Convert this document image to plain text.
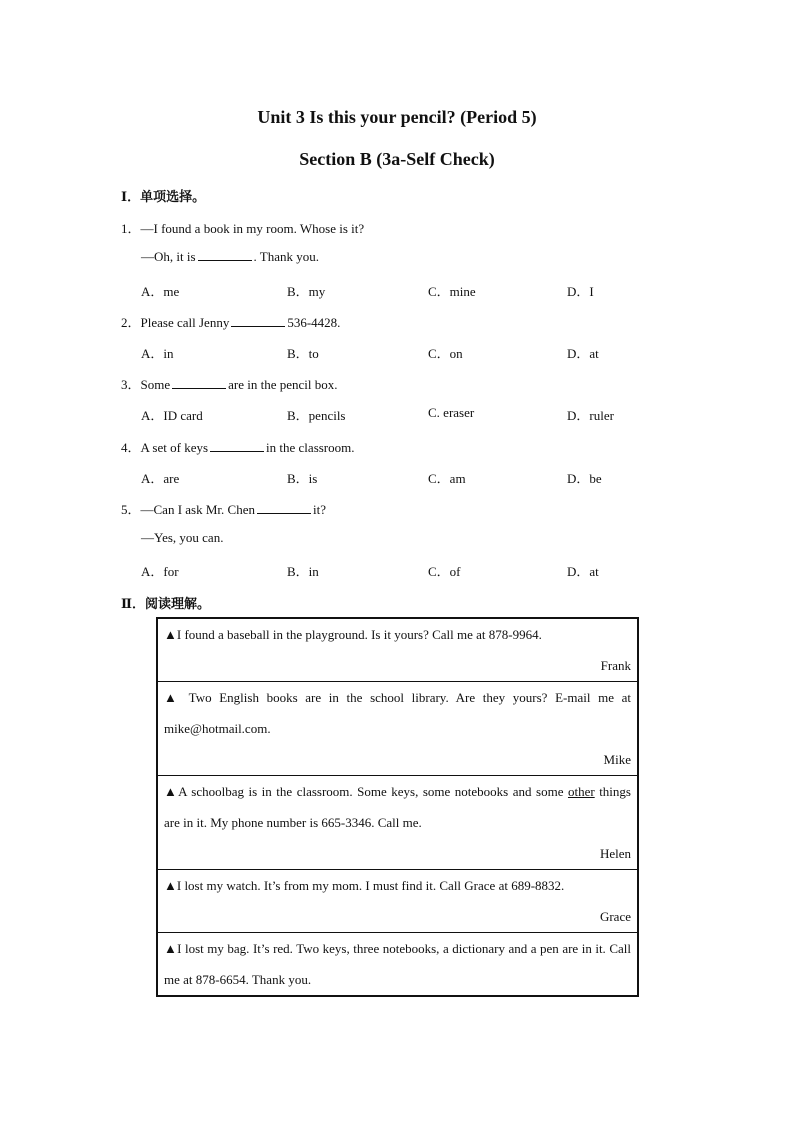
Unit 3 Is this your pencil? (Period 5)
Section B (3a-Self Check)
Ⅰ．单项选择。
1．—I found a book in my room. Whose is it?
—Oh, it is	. Thank you.
A．me	B．my	C．mine	D．I
2．Please call Jenny	536-4428.
A．in	B．to	C．on	D．at
3．Some	are in the pencil box.
A．ID card	B．pencils	C. eraser	D．ruler
4．A set of keys	in the classroom.
A．are	B．is	C．am	D．be
5．—Can I ask Mr. Chen	it?
—Yes, you can.
A．for	B．in	C．of	D．at
Ⅱ．阅读理解。
▲I found a baseball in the playground. Is it yours? Call me at 878-9964.
Frank

▲ Two English books are in the school library. Are they yours? E-mail me at mike@hotmail.com.
Mike

▲A schoolbag is in the classroom. Some keys, some notebooks and some other things are in it. My phone number is 665-3346. Call me.
Helen

▲I lost my watch. It’s from my mom. I must find it. Call Grace at 689-8832.
Grace

▲I lost my bag. It’s red. Two keys, three notebooks, a dictionary and a pen are in it. Call me at 878-6654. Thank you.
